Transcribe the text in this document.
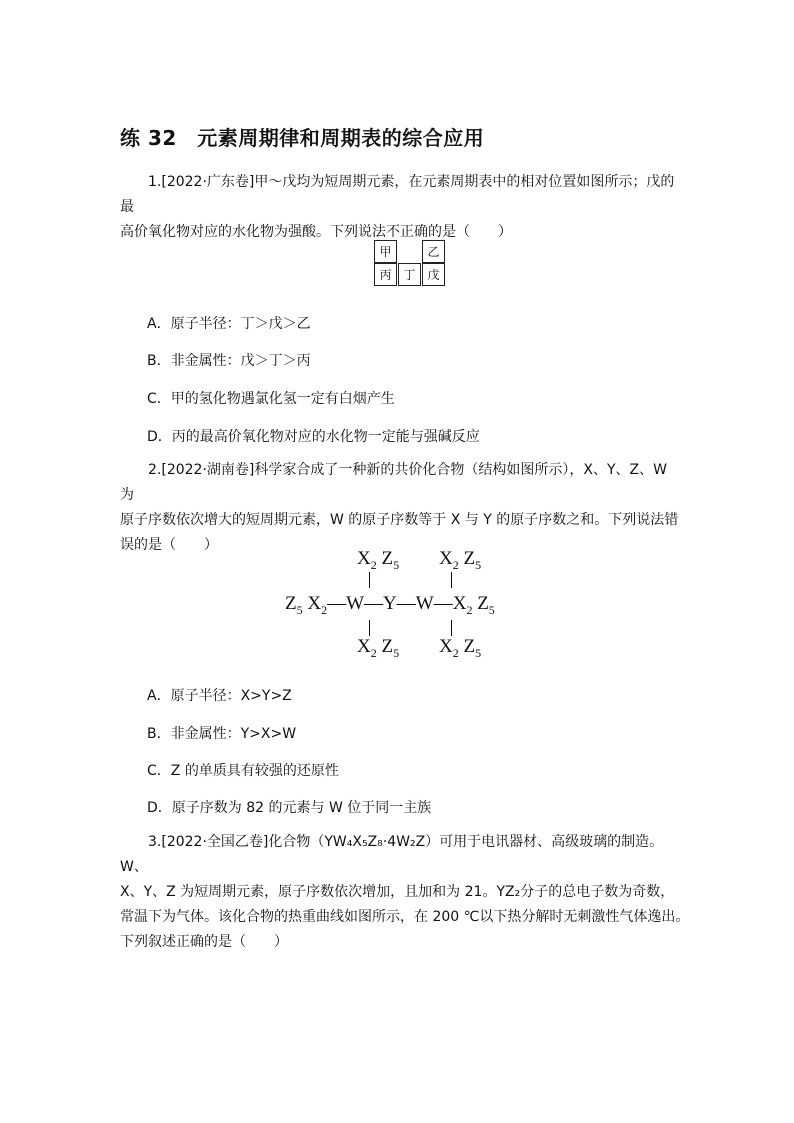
练 32　元素周期律和周期表的综合应用
1.[2022·广东卷]甲～戊均为短周期元素，在元素周期表中的相对位置如图所示；戊的最
高价氧化物对应的水化物为强酸。下列说法不正确的是（　　）
甲	乙
丙 丁 戊
A．原子半径：丁＞戊＞乙
B．非金属性：戊＞丁＞丙
C．甲的氢化物遇氯化氢一定有白烟产生
D．丙的最高价氧化物对应的水化物一定能与强碱反应
2.[2022·湖南卷]科学家合成了一种新的共价化合物（结构如图所示），X、Y、Z、W 为
原子序数依次增大的短周期元素，W 的原子序数等于 X 与 Y 的原子序数之和。下列说法错
误的是（　　）
$X_2$ $Z_5$ $X_2$ $Z_5$
$Z_5$ $X_2—W—Y—W—X_2$ $Z_5$
$X_2$ $Z_5$ $X_2$ $Z_5$
A．原子半径：X>Y>Z
B．非金属性：Y>X>W
C．Z 的单质具有较强的还原性
D．原子序数为 82 的元素与 W 位于同一主族
3.[2022·全国乙卷]化合物（YW₄X₅Z₈·4W₂Z）可用于电讯器材、高级玻璃的制造。W、
X、Y、Z 为短周期元素，原子序数依次增加，且加和为 21。YZ₂分子的总电子数为奇数，
常温下为气体。该化合物的热重曲线如图所示，在 200 ℃以下热分解时无刺激性气体逸出。
下列叙述正确的是（　　）
